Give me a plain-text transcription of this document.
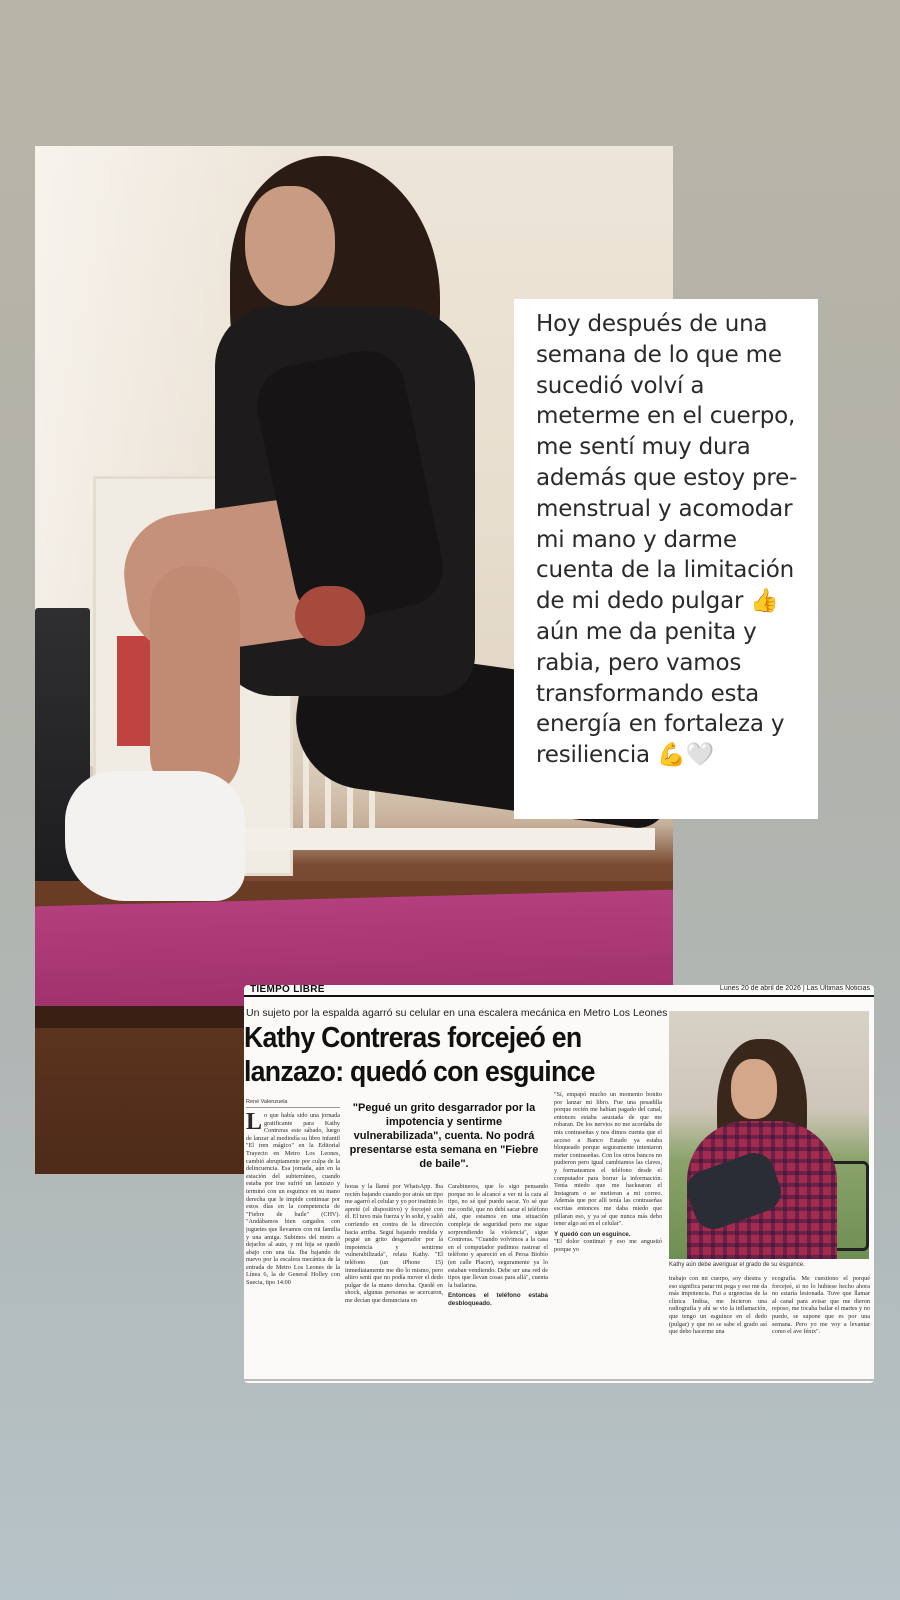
Hoy después de una semana de lo que me sucedió volví a meterme en el cuerpo, me sentí muy dura además que estoy pre- menstrual y acomodar mi mano y darme cuenta de la limitación de mi dedo pulgar 👍 aún me da penita y rabia, pero vamos transformando esta energía en fortaleza y resiliencia 💪🤍

TIEMPO LIBRE	Lunes 20 de abril de 2026 | Las Últimas Noticias
Un sujeto por la espalda agarró su celular en una escalera mecánica en Metro Los Leones
Kathy Contreras forcejeó en lanzazo: quedó con esguince
René Valenzuela	"Pegué un grito desgarrador por la impotencia y sentirme vulnerabilizada", cuenta. No podrá presentarse esta semana en "Fiebre de baile".
Lo que había sido una jornada gratificante para Kathy Contreras este sábado, luego de lanzar al mediodía su libro infantil "El tren mágico" en la Editorial Trayecto en Metro Los Leones, cambió abruptamente por culpa de la delincuencia. Esa jornada, aún en la estación del subterráneo, cuando estaba por irse sufrió un lanzazo y terminó con un esguince en su mano derecha que le impide continuar por estos días en la competencia de "Fiebre de baile" (CHV). "Andábamos bien cargados con juguetes que llevamos con mi familia y una amiga. Subimos del metro a dejarlos al auto, y mi hija se quedó abajo con una tía. Iba bajando de nuevo por la escalera mecánica de la entrada de Metro Los Leones de la Línea 6, la de General Holley con Suecia, tipo 14:00
horas y la llamé por WhatsApp. Iba recién bajando cuando por atrás un tipo me agarró el celular y yo por instinto lo apreté (el dispositivo) y forcejeé con él. El tuvo más fuerza y lo solté, y salió corriendo en contra de la dirección hacia arriba. Seguí bajando rendida y pegué un grito desgarrador por la impotencia y sentirme vulnerabilizada", relata Kathy. "El teléfono (un iPhone 15) inmediatamente me dio lo mismo, pero altiro sentí que no podía mover el dedo pulgar de la mano derecha. Quedé en shock, algunas personas se acercaron, me decían que denunciara en
Carabineros, que lo sigo pensando porque no le alcancé a ver ni la cara al tipo, no sé qué puedo sacar. Yo sé que me confié, que no debí sacar el teléfono ahí, que estamos en una situación compleja de seguridad pero me sigue sorprendiendo la violencia", sigue Contreras. "Cuando volvimos a la casa en el computador pudimos rastrear el teléfono y apareció en el Persa Biobío (en calle Placer), seguramente ya lo estaban vendiendo. Debe ser una red de tipos que llevan cosas para allá", cuenta la bailarina.
Entonces el teléfono estaba desbloqueado.
"Sí, empapó mucho un momento bonito por lanzar mi libro. Fue una pesadilla porque recién me habían pagado del canal, entonces estaba asustada de que me robaran. De los nervios no me acordaba de mis contraseñas y nos dimos cuenta que el acceso a Banco Estado ya estaba bloqueado porque seguramente intentaron meter contraseñas. Con los otros bancos no pudieron pero igual cambiamos las claves, y formateamos el teléfono desde el computador para borrar la información. Tenía miedo que me hackearan el Instagram o se metieran a mi correo. Además que por allí tenía las contraseñas escritas entonces me daba miedo que pillaran eso, y ya sé que nunca más debo tener algo así en el celular".
Y quedó con un esguince.
"El dolor continuó y eso me angustió porque yo
Kathy aún debe averiguar el grado de su esguince.
trabajo con mi cuerpo, soy diestra y eso significa parar mi pega y eso me da más impotencia. Fui a urgencias de la clínica Indisa, me hicieron una radiografía y ahí se vio la inflamación, que tengo un esguince en el dedo (pulgar) y que no se sabe el grado así que debo hacerme una
ecografía. Me cuestiono el porqué forcejeé, si no lo hubiese hecho ahora no estaría lesionada. Tuve que llamar al canal para avisar que me dieron reposo, me tocaba bailar el martes y no puedo, se supone que es por una semana. Pero yo me voy a levantar como el ave fénix".
